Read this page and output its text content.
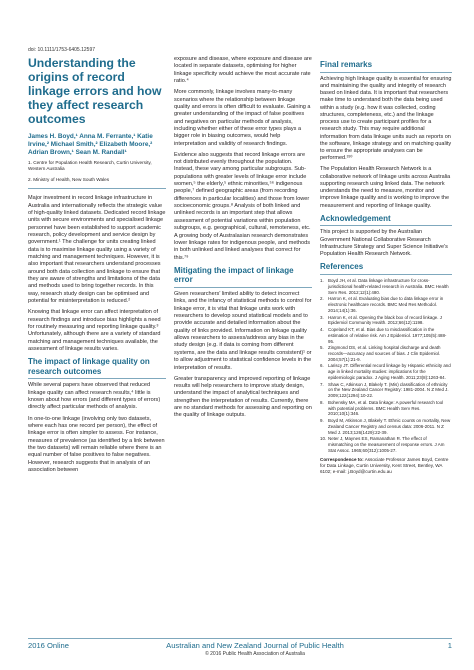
doi: 10.1111/1753-6405.12597
Understanding the origins of record linkage errors and how they affect research outcomes
James H. Boyd,¹ Anna M. Ferrante,¹ Katie Irvine,² Michael Smith,² Elizabeth Moore,² Adrian Brown,¹ Sean M. Randall¹
1. Centre for Population Health Research, Curtin University, Western Australia
2. Ministry of Health, New South Wales

Major investment in record linkage infrastructure in Australia and internationally reflects the strategic value of high-quality linked datasets. Dedicated record linkage units with secure environments and specialised linkage personnel have been established to support academic research, policy development and service design by government.¹ The challenge for units creating linked data is to maximise linkage quality using a variety of matching and management techniques. However, it is also important that researchers understand processes around both data collection and linkage to ensure that they are aware of strengths and limitations of the data and methods used to bring together records. In this way, research study design can be optimised and potential for misinterpretation is reduced.²

Knowing that linkage error can affect interpretation of research findings and introduce bias highlights a need for routinely measuring and reporting linkage quality.³ Unfortunately, although there are a variety of standard matching and management techniques available, the assessment of linkage results varies.

The impact of linkage quality on research outcomes

While several papers have observed that reduced linkage quality can affect research results,⁴ little is known about how errors (and different types of errors) directly affect particular methods of analysis.

In one-to-one linkage (involving only two datasets, where each has one record per person), the effect of linkage error is often simpler to assess. For instance, measures of prevalence (as identified by a link between the two datasets) will remain reliable where there is an equal number of false positives to false negatives. However, research suggests that in analysis of an association between

exposure and disease, where exposure and disease are located in separate datasets, optimising for higher linkage specificity would achieve the most accurate rate ratio.⁴

More commonly, linkage involves many-to-many scenarios where the relationship between linkage quality and errors is often difficult to evaluate. Gaining a greater understanding of the impact of false positives and negatives on particular methods of analysis, including whether either of these error types plays a bigger role in biasing outcomes, would help interpretation and validity of research findings.

Evidence also suggests that record linkage errors are not distributed evenly throughout the population. Instead, these vary among particular subgroups. Sub-populations with greater levels of linkage error include women,⁵ the elderly,⁵ ethnic minorities,⁵⁶ indigenous people,⁷ defined geographic areas (from recording differences in particular localities) and those from lower socioeconomic groups.⁸ Analysis of both linked and unlinked records is an important step that allows assessment of potential variations within population subgroups, e.g. geographical, cultural, remoteness, etc. A growing body of Australasian research demonstrates lower linkage rates for indigenous people, and methods in both unlinked and linked analyses that correct for this.⁷⁹

Mitigating the impact of linkage error

Given researchers' limited ability to detect incorrect links, and the infancy of statistical methods to control for linkage error, it is vital that linkage units work with researchers to develop sound statistical models and to provide accurate and detailed information about the quality of links provided. Information on linkage quality allows researchers to assess/address any bias in the study design (e.g. if data is coming from different systems, are the data and linkage results consistent)¹ or to allow adjustment to statistical confidence levels in the interpretation of results.

Greater transparency and improved reporting of linkage results will help researchers to improve study design, understand the impact of analytical techniques and strengthen the interpretation of results. Currently, there are no standard methods for assessing and reporting on the quality of linkage outputs.

Final remarks

Achieving high linkage quality is essential for ensuring and maintaining the quality and integrity of research based on linked data. It is important that researchers make time to understand both the data being used within a study (e.g. how it was collected, coding structures, completeness, etc.) and the linkage process use to create participant profiles for a research study. This may require additional information from data linkage units such as reports on the software, linkage strategy and on matching quality to ensure the appropriate analyses can be performed.³¹⁰

The Population Health Research Network is a collaborative network of linkage units across Australia supporting research using linked data. The network understands the need to measure, monitor and improve linkage quality and is working to improve the measurement and reporting of linkage quality.

Acknowledgement

This project is supported by the Australian Government National Collaborative Research Infrastructure Strategy and Super Science Initiative's Population Health Research Network.

References
1. Boyd JH, et al. Data linkage infrastructure for cross-jurisdictional health-related research in Australia. BMC Health Serv Res. 2012;12(1):480.
2. Harron K, et al. Evaluating bias due to data linkage error in electronic healthcare records. BMC Med Res Methodol. 2014;14(1):36.
3. Harron K, et al. Opening the black box of record linkage. J Epidemiol Community Health. 2012;66(12):1198.
4. Copeland KT, et al. Bias due to misclassification in the estimation of relative risk. Am J Epidemiol. 1977;105(5):488-95.
5. Zingmond DS, et al. Linking hospital discharge and death records—accuracy and sources of bias. J Clin Epidemiol. 2004;57(1):21-9.
6. Lariscy JT. Differential record linkage by Hispanic ethnicity and age in linked mortality studies: implications for the epidemiologic paradox. J Aging Health. 2011;23(8):1263-84.
7. Shaw C, Atkinson J, Blakely T. (Mis) classification of ethnicity on the New Zealand Cancer Registry: 1981-2004. N Z Med J. 2009;122(1294):10-22.
8. Bohensky MA, et al. Data linkage: A powerful research tool with potential problems. BMC Health Serv Res. 2010;10(1):346.
9. Boyd M, Atkinson J, Blakely T. Ethnic counts on mortality, New Zealand Cancer Registry and census data: 2006-2011. N Z Med J. 2013;126(1429):22-39.
10. Neter J, Maynes ES, Ramanathan R. The effect of mismatching on the measurement of response errors. J Am Stat Assoc. 1965;60(312):1005-27.
Correspondence to: Associate Professor James Boyd, Centre for Data Linkage, Curtin University, Kent Street, Bentley, WA 6102; e-mail: j.Boyd@curtin.edu.au
2016 Online	Australian and New Zealand Journal of Public Health
© 2016 Public Health Association of Australia
1
